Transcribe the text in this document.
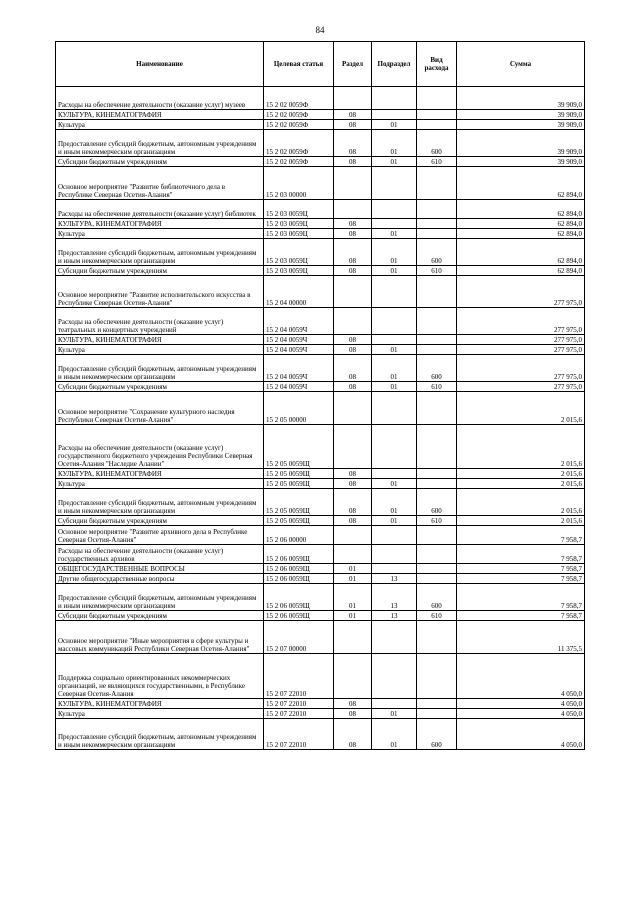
84
Наименование	Целевая статья	Раздел	Подраздел	Вид расхода	Сумма
Расходы на обеспечение деятельности (оказание услуг) музеев	15 2 02 0059Ф				39 909,0
КУЛЬТУРА, КИНЕМАТОГРАФИЯ	15 2 02 0059Ф	08			39 909,0
Культура	15 2 02 0059Ф	08	01		39 909,0
Предоставление субсидий бюджетным, автономным учреждениям и иным некоммерческим организациям	15 2 02 0059Ф	08	01	600	39 909,0
Субсидии бюджетным учреждениям	15 2 02 0059Ф	08	01	610	39 909,0
Основное мероприятие "Развитие библиотечного дела в Республике Северная Осетия-Алания"	15 2 03 00000				62 894,0
Расходы на обеспечение деятельности (оказание услуг) библиотек	15 2 03 0059Ц				62 894,0
КУЛЬТУРА, КИНЕМАТОГРАФИЯ	15 2 03 0059Ц	08			62 894,0
Культура	15 2 03 0059Ц	08	01		62 894,0
Предоставление субсидий бюджетным, автономным учреждениям и иным некоммерческим организациям	15 2 03 0059Ц	08	01	600	62 894,0
Субсидии бюджетным учреждениям	15 2 03 0059Ц	08	01	610	62 894,0
Основное мероприятие "Развитие исполнительского искусства в Республике Северная Осетия-Алания"	15 2 04 00000				277 975,0
Расходы на обеспечение деятельности (оказание услуг) театральных и концертных учреждений	15 2 04 0059Ч				277 975,0
КУЛЬТУРА, КИНЕМАТОГРАФИЯ	15 2 04 0059Ч	08			277 975,0
Культура	15 2 04 0059Ч	08	01		277 975,0
Предоставление субсидий бюджетным, автономным учреждениям и иным некоммерческим организациям	15 2 04 0059Ч	08	01	600	277 975,0
Субсидии бюджетным учреждениям	15 2 04 0059Ч	08	01	610	277 975,0
Основное мероприятие "Сохранение культурного наследия Республики Северная Осетия-Алания"	15 2 05 00000				2 015,6
Расходы на обеспечение деятельности (оказание услуг) государственного бюджетного учреждения Республики Северная Осетия-Алания "Наследие Алании"	15 2 05 0059Щ				2 015,6
КУЛЬТУРА, КИНЕМАТОГРАФИЯ	15 2 05 0059Щ	08			2 015,6
Культура	15 2 05 0059Щ	08	01		2 015,6
Предоставление субсидий бюджетным, автономным учреждениям и иным некоммерческим организациям	15 2 05 0059Щ	08	01	600	2 015,6
Субсидии бюджетным учреждениям	15 2 05 0059Щ	08	01	610	2 015,6
Основное мероприятие "Развитие архивного дела в Республике Северная Осетия-Алания"	15 2 06 00000				7 958,7
Расходы на обеспечение деятельности (оказание услуг) государственных архивов	15 2 06 0059Щ				7 958,7
ОБЩЕГОСУДАРСТВЕННЫЕ ВОПРОСЫ	15 2 06 0059Щ	01			7 958,7
Другие общегосударственные вопросы	15 2 06 0059Щ	01	13		7 958,7
Предоставление субсидий бюджетным, автономным учреждениям и иным некоммерческим организациям	15 2 06 0059Щ	01	13	600	7 958,7
Субсидии бюджетным учреждениям	15 2 06 0059Щ	01	13	610	7 958,7
Основное мероприятие "Иные мероприятия в сфере культуры и массовых коммуникаций Республики Северная Осетия-Алания"	15 2 07 00000				11 375,5
Поддержка социально ориентированных некоммерческих организаций, не являющихся государственными, в Республике Северная Осетия-Алания	15 2 07 22010				4 050,0
КУЛЬТУРА, КИНЕМАТОГРАФИЯ	15 2 07 22010	08			4 050,0
Культура	15 2 07 22010	08	01		4 050,0
Предоставление субсидий бюджетным, автономным учреждениям и иным некоммерческим организациям	15 2 07 22010	08	01	600	4 050,0
